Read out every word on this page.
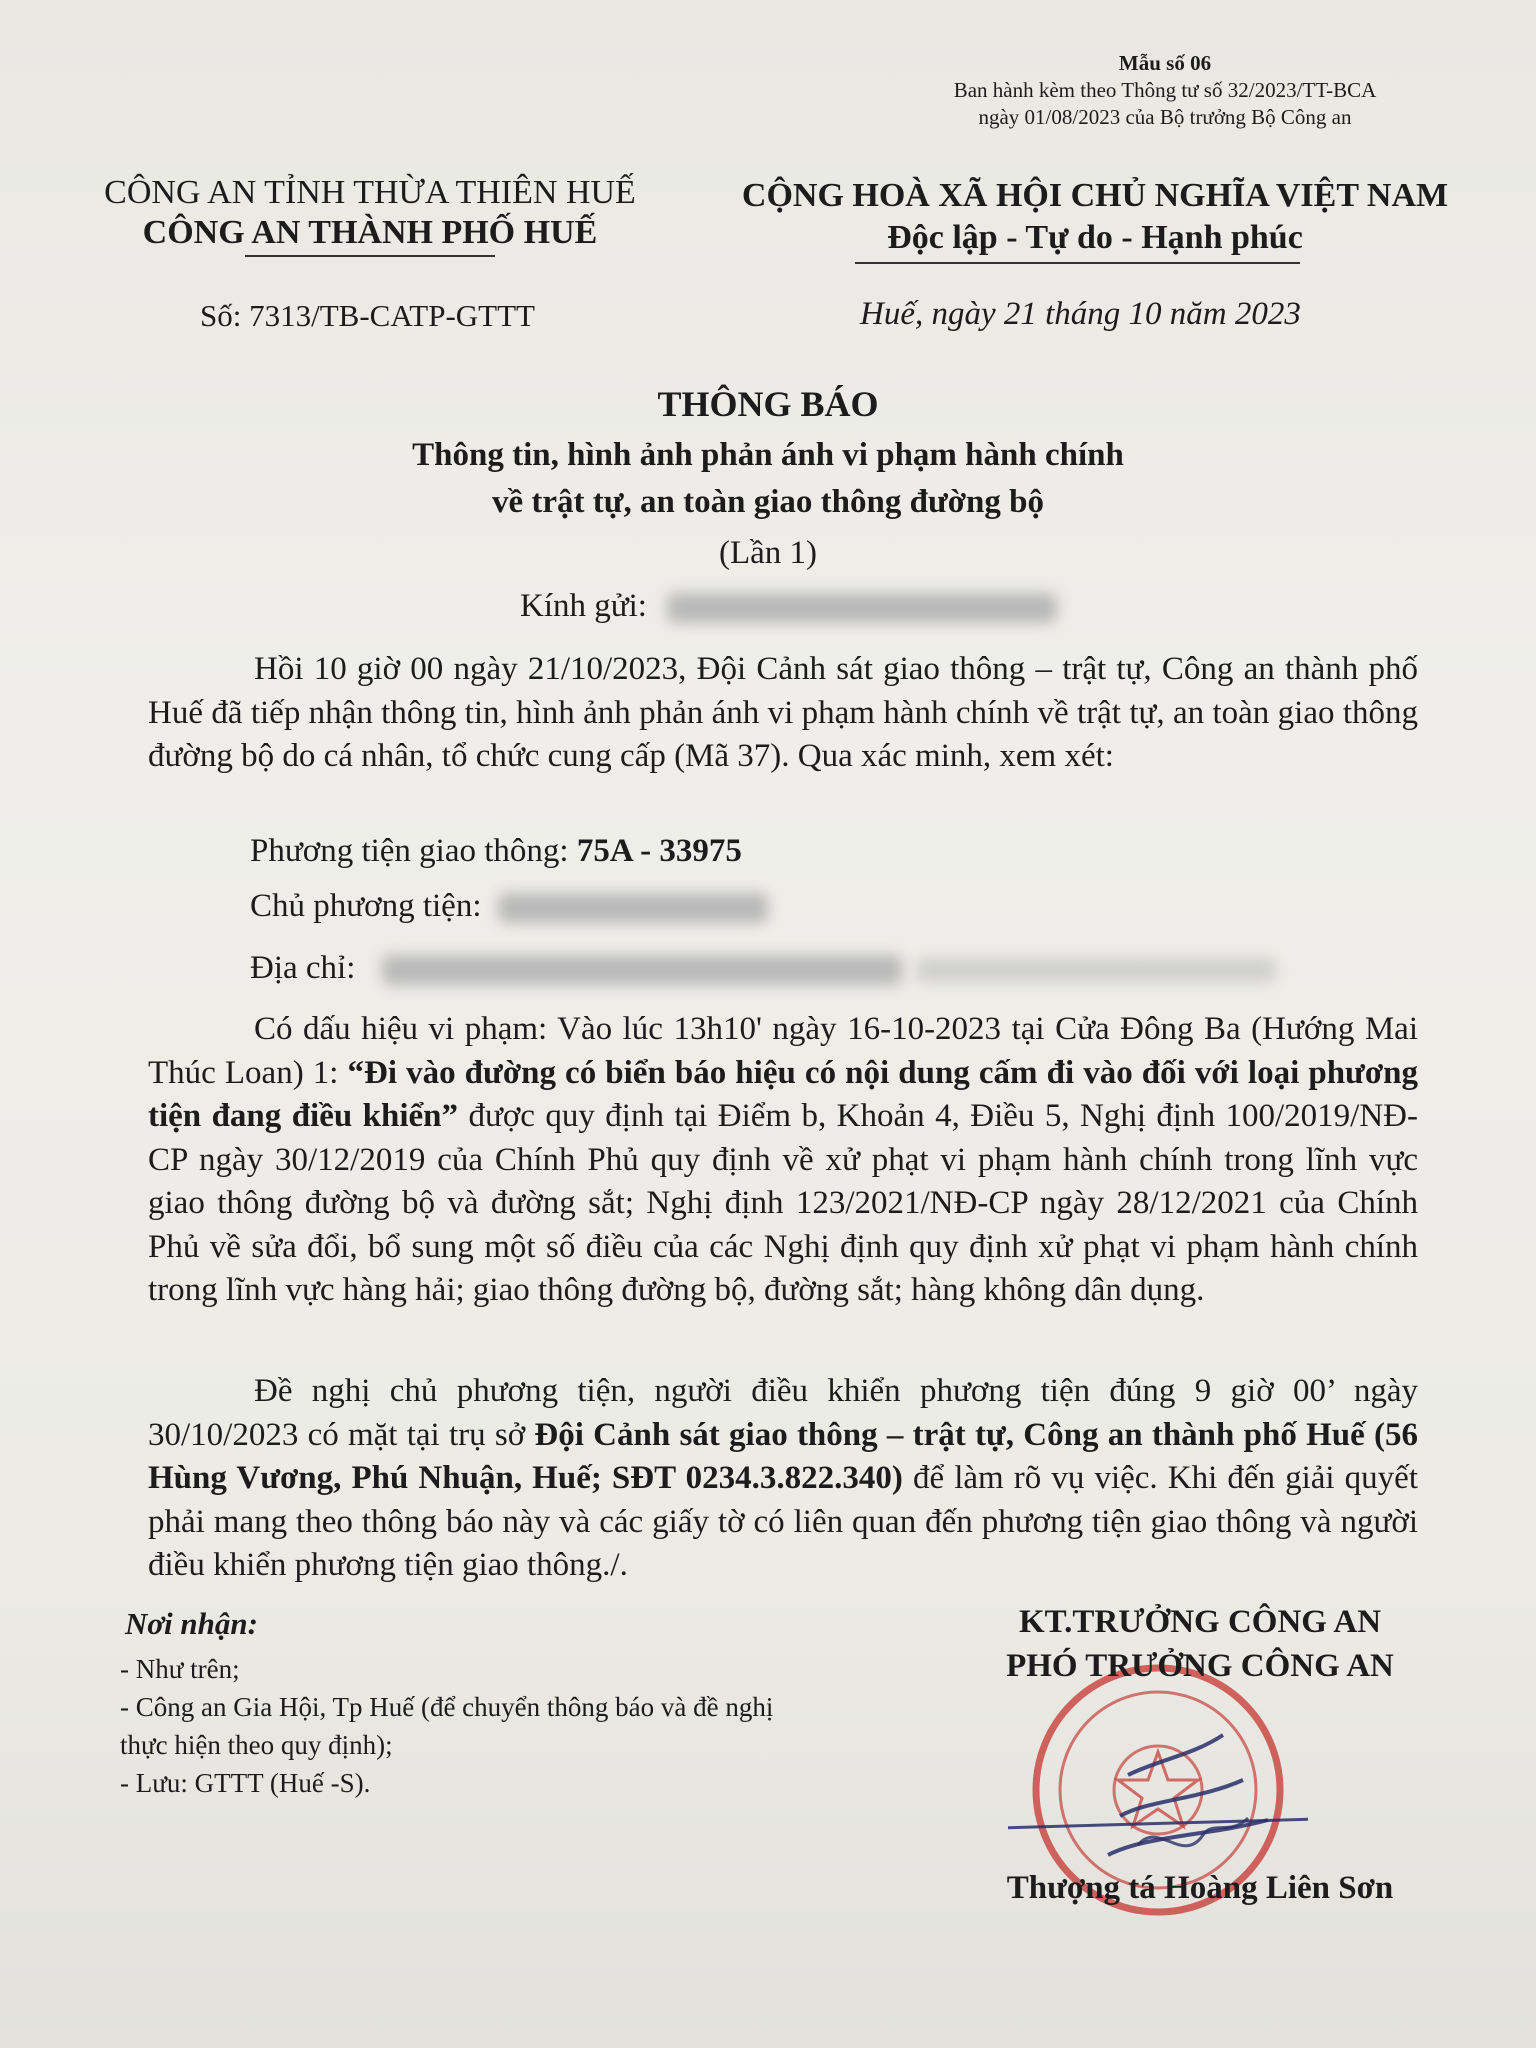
Mẫu số 06
Ban hành kèm theo Thông tư số 32/2023/TT-BCA
ngày 01/08/2023 của Bộ trưởng Bộ Công an
CÔNG AN TỈNH THỪA THIÊN HUẾ
CÔNG AN THÀNH PHỐ HUẾ
CỘNG HOÀ XÃ HỘI CHỦ NGHĨA VIỆT NAM
Độc lập - Tự do - Hạnh phúc
Số: 7313/TB-CATP-GTTT	Huế, ngày 21 tháng 10 năm 2023
THÔNG BÁO
Thông tin, hình ảnh phản ánh vi phạm hành chính
về trật tự, an toàn giao thông đường bộ
(Lần 1)
Kính gửi:
Hồi 10 giờ 00 ngày 21/10/2023, Đội Cảnh sát giao thông – trật tự, Công an thành phố Huế đã tiếp nhận thông tin, hình ảnh phản ánh vi phạm hành chính về trật tự, an toàn giao thông đường bộ do cá nhân, tổ chức cung cấp (Mã 37). Qua xác minh, xem xét:
Phương tiện giao thông: 75A - 33975
Chủ phương tiện:
Địa chỉ:
Có dấu hiệu vi phạm: Vào lúc 13h10' ngày 16-10-2023 tại Cửa Đông Ba (Hướng Mai Thúc Loan) 1: “Đi vào đường có biển báo hiệu có nội dung cấm đi vào đối với loại phương tiện đang điều khiển” được quy định tại Điểm b, Khoản 4, Điều 5, Nghị định 100/2019/NĐ-CP ngày 30/12/2019 của Chính Phủ quy định về xử phạt vi phạm hành chính trong lĩnh vực giao thông đường bộ và đường sắt; Nghị định 123/2021/NĐ-CP ngày 28/12/2021 của Chính Phủ về sửa đổi, bổ sung một số điều của các Nghị định quy định xử phạt vi phạm hành chính trong lĩnh vực hàng hải; giao thông đường bộ, đường sắt; hàng không dân dụng.
Đề nghị chủ phương tiện, người điều khiển phương tiện đúng 9 giờ 00’ ngày 30/10/2023 có mặt tại trụ sở Đội Cảnh sát giao thông – trật tự, Công an thành phố Huế (56 Hùng Vương, Phú Nhuận, Huế; SĐT 0234.3.822.340) để làm rõ vụ việc. Khi đến giải quyết phải mang theo thông báo này và các giấy tờ có liên quan đến phương tiện giao thông và người điều khiển phương tiện giao thông./.
Nơi nhận:
- Như trên;
- Công an Gia Hội, Tp Huế (để chuyển thông báo và đề nghị thực hiện theo quy định);
- Lưu: GTTT (Huế -S).
KT.TRƯỞNG CÔNG AN
PHÓ TRƯỞNG CÔNG AN
Thượng tá Hoàng Liên Sơn
